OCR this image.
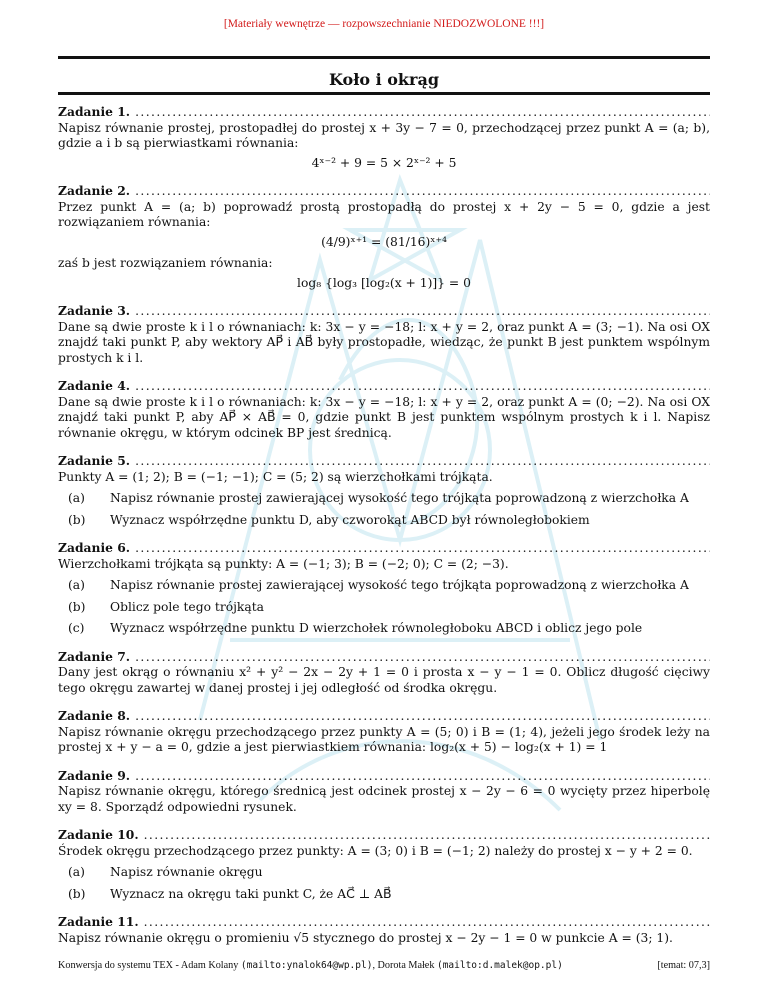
[Materiały wewnętrze — rozpowszechnianie NIEDOZWOLONE !!!]
Koło i okrąg
Zadanie 1.
.....
Napisz równanie prostej, prostopadłej do prostej x + 3y − 7 = 0, przechodzącej przez punkt A = (a; b), gdzie a i b są pierwiastkami równania:
4ˣ⁻² + 9 = 5 × 2ˣ⁻² + 5
Zadanie 2.
.....
Przez punkt A = (a; b) poprowadź prostą prostopadłą do prostej x + 2y − 5 = 0, gdzie a jest rozwiązaniem równania:
(4/9)ˣ⁺¹ = (81/16)ˣ⁺⁴
zaś b jest rozwiązaniem równania:
log₈ {log₃ [log₂(x + 1)]} = 0
Zadanie 3.
.....
Dane są dwie proste k i l o równaniach: k: 3x − y = −18; l: x + y = 2, oraz punkt A = (3; −1). Na osi OX znajdź taki punkt P, aby wektory AP⃗ i AB⃗ były prostopadłe, wiedząc, że punkt B jest punktem wspólnym prostych k i l.
Zadanie 4.
.....
Dane są dwie proste k i l o równaniach: k: 3x − y = −18; l: x + y = 2, oraz punkt A = (0; −2). Na osi OX znajdź taki punkt P, aby AP⃗ × AB⃗ = 0, gdzie punkt B jest punktem wspólnym prostych k i l. Napisz równanie okręgu, w którym odcinek BP jest średnicą.
Zadanie 5.
.....
Punkty A = (1; 2); B = (−1; −1); C = (5; 2) są wierzchołkami trójkąta.
(a)	Napisz równanie prostej zawierającej wysokość tego trójkąta poprowadzoną z wierzchołka A
(b)	Wyznacz współrzędne punktu D, aby czworokąt ABCD był równoległobokiem
Zadanie 6.
.....
Wierzchołkami trójkąta są punkty: A = (−1; 3); B = (−2; 0); C = (2; −3).
(a)	Napisz równanie prostej zawierającej wysokość tego trójkąta poprowadzoną z wierzchołka A
(b)	Oblicz pole tego trójkąta
(c)	Wyznacz współrzędne punktu D wierzchołek równoległoboku ABCD i oblicz jego pole
Zadanie 7.
.....
Dany jest okrąg o równaniu x² + y² − 2x − 2y + 1 = 0 i prosta x − y − 1 = 0. Oblicz długość cięciwy tego okręgu zawartej w danej prostej i jej odległość od środka okręgu.
Zadanie 8.
.....
Napisz równanie okręgu przechodzącego przez punkty A = (5; 0) i B = (1; 4), jeżeli jego środek leży na prostej x + y − a = 0, gdzie a jest pierwiastkiem równania: log₂(x + 5) − log₂(x + 1) = 1
Zadanie 9.
.....
Napisz równanie okręgu, którego średnicą jest odcinek prostej x − 2y − 6 = 0 wycięty przez hiperbolę xy = 8. Sporządź odpowiedni rysunek.
Zadanie 10.
.....
Środek okręgu przechodzącego przez punkty: A = (3; 0) i B = (−1; 2) należy do prostej x − y + 2 = 0.
(a)	Napisz równanie okręgu
(b)	Wyznacz na okręgu taki punkt C, że AC⃗ ⊥ AB⃗
Zadanie 11.
.....
Napisz równanie okręgu o promieniu √5 stycznego do prostej x − 2y − 1 = 0 w punkcie A = (3; 1).
Konwersja do systemu TEX - Adam Kolany (mailto:ynalok64@wp.pl), Dorota Małek (mailto:d.malek@op.pl)	[temat: 07,3]
